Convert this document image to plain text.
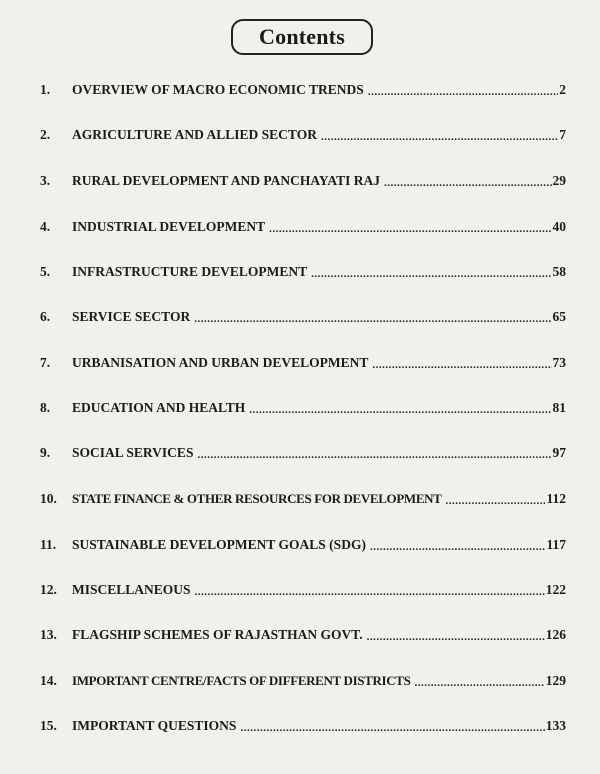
Contents
1.	OVERVIEW OF MACRO ECONOMIC TRENDS .....	2
2.	AGRICULTURE AND ALLIED SECTOR .....	7
3.	RURAL DEVELOPMENT AND PANCHAYATI RAJ .....	29
4.	INDUSTRIAL DEVELOPMENT .....	40
5.	INFRASTRUCTURE DEVELOPMENT .....	58
6.	SERVICE SECTOR .....	65
7.	URBANISATION AND URBAN DEVELOPMENT .....	73
8.	EDUCATION AND HEALTH .....	81
9.	SOCIAL SERVICES .....	97
10.	STATE FINANCE & OTHER RESOURCES FOR DEVELOPMENT .....	112
11.	SUSTAINABLE DEVELOPMENT GOALS (SDG) .....	117
12.	MISCELLANEOUS .....	122
13.	FLAGSHIP SCHEMES OF RAJASTHAN GOVT. .....	126
14.	IMPORTANT CENTRE/FACTS OF DIFFERENT DISTRICTS .....	129
15.	IMPORTANT QUESTIONS .....	133
